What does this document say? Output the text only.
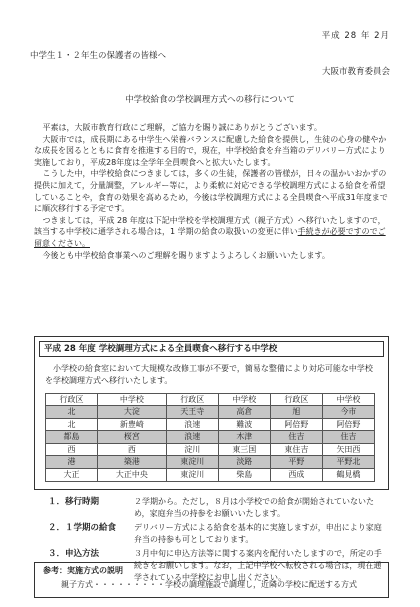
平成 28 年 2月
中学生１・２年生の保護者の皆様へ
大阪市教育委員会
中学校給食の学校調理方式への移行について

平素は，大阪市教育行政にご理解，ご協力を賜り誠にありがとうございます。

大阪市では，成長期にある中学生へ栄養バランスに配慮した給食を提供し，生徒の心身の健やかな成長を図るとともに食育を推進する目的で，現在，中学校給食を弁当箱のデリバリー方式により実施しており，平成28年度は全学年全員喫食へと拡大いたします。

こうした中，中学校給食につきましては，多くの生徒，保護者の皆様が，日々の温かいおかずの提供に加えて，分量調整，アレルギー等に，より柔軟に対応できる学校調理方式による給食を希望していることや，食育の効果を高めるため，今後は学校調理方式による全員喫食へ平成31年度までに順次移行する予定です。

つきましては，平成 28 年度は下記中学校を学校調理方式（親子方式）へ移行いたしますので，該当する中学校に通学される場合は，1 学期の給食の取扱いの変更に伴い手続きが必要ですのでご留意ください。

今後とも中学校給食事業へのご理解を賜りますようよろしくお願いいたします。

平成 28 年度 学校調理方式による全員喫食へ移行する中学校
小学校の給食室において大規模な改修工事が不要で，簡易な整備により対応可能な中学校を学校調理方式へ移行いたします。
行政区	中学校	行政区	中学校	行政区	中学校
北	大淀	天王寺	高倉	旭	今市
北	新豊崎	浪速	難波	阿倍野	阿倍野
都島	桜宮	浪速	木津	住吉	住吉
西	西	淀川	東三国	東住吉	矢田西
港	築港	東淀川	淡路	平野	平野北
大正	大正中央	東淀川	柴島	西成	鶴見橋
１．移行時期	２学期から。ただし，８月は小学校での給食が開始されていないため，家庭弁当の持参をお願いいたします。
２．１学期の給食	デリバリー方式による給食を基本的に実施しますが，申出により家庭弁当の持参も可としております。
３．申込方法	３月中旬に申込方法等に関する案内を配付いたしますので，所定の手続きをお願いします。なお，上記中学校へ転校される場合は，現在通学されている中学校にお申し出ください。
参考：実施方式の説明
親子方式・・・・・・・・・学校の調理施設で調理し，近隣の学校に配送する方式
